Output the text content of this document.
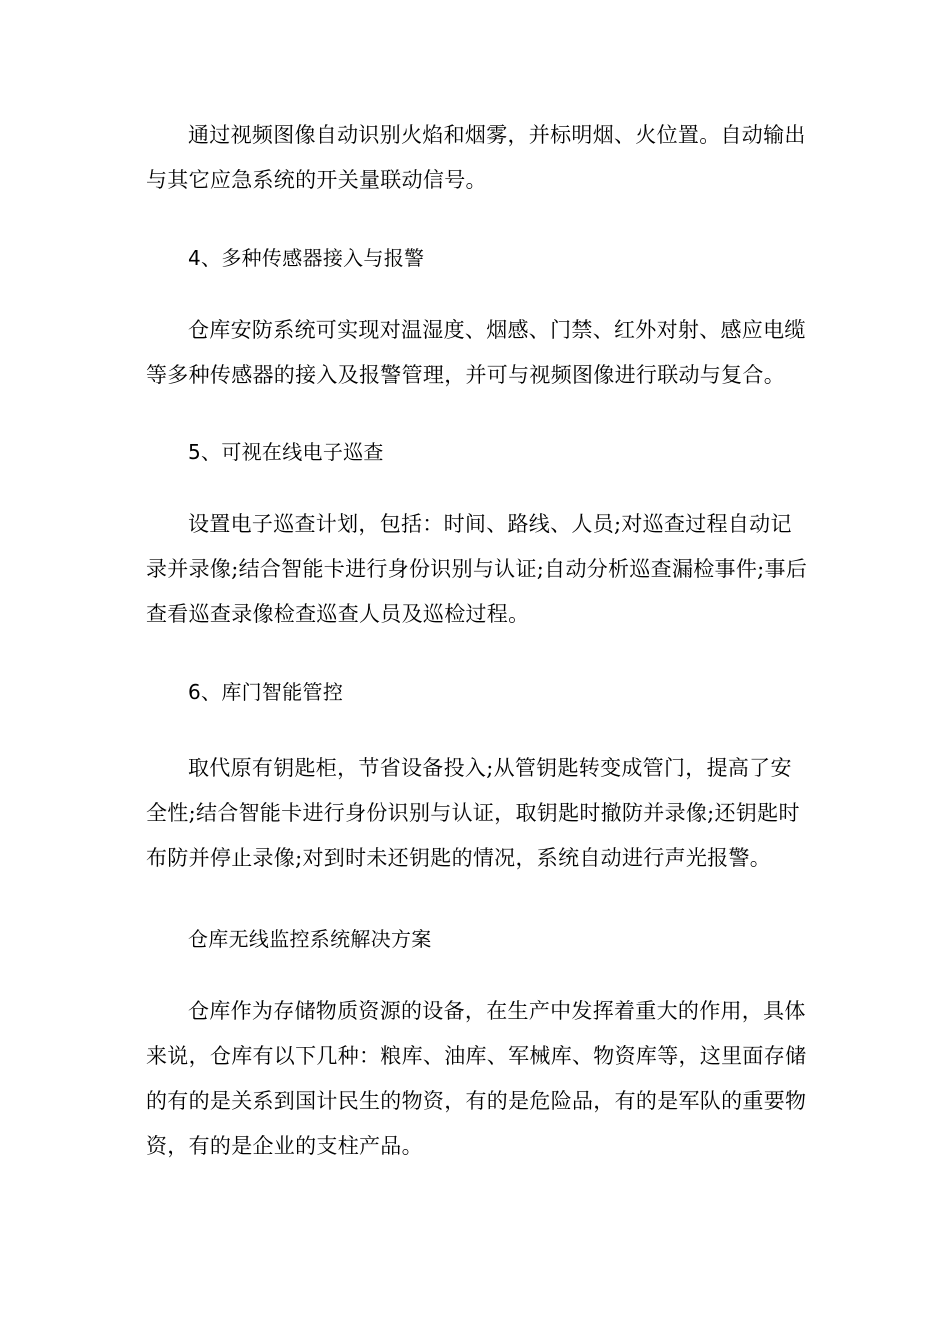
通过视频图像自动识别火焰和烟雾，并标明烟、火位置。自动输出与其它应急系统的开关量联动信号。
4、多种传感器接入与报警
仓库安防系统可实现对温湿度、烟感、门禁、红外对射、感应电缆等多种传感器的接入及报警管理，并可与视频图像进行联动与复合。
5、可视在线电子巡查
设置电子巡查计划，包括：时间、路线、人员;对巡查过程自动记录并录像;结合智能卡进行身份识别与认证;自动分析巡查漏检事件;事后查看巡查录像检查巡查人员及巡检过程。
6、库门智能管控
取代原有钥匙柜，节省设备投入;从管钥匙转变成管门，提高了安全性;结合智能卡进行身份识别与认证，取钥匙时撤防并录像;还钥匙时布防并停止录像;对到时未还钥匙的情况，系统自动进行声光报警。
仓库无线监控系统解决方案
仓库作为存储物质资源的设备，在生产中发挥着重大的作用，具体来说，仓库有以下几种：粮库、油库、军械库、物资库等，这里面存储的有的是关系到国计民生的物资，有的是危险品，有的是军队的重要物资，有的是企业的支柱产品。
